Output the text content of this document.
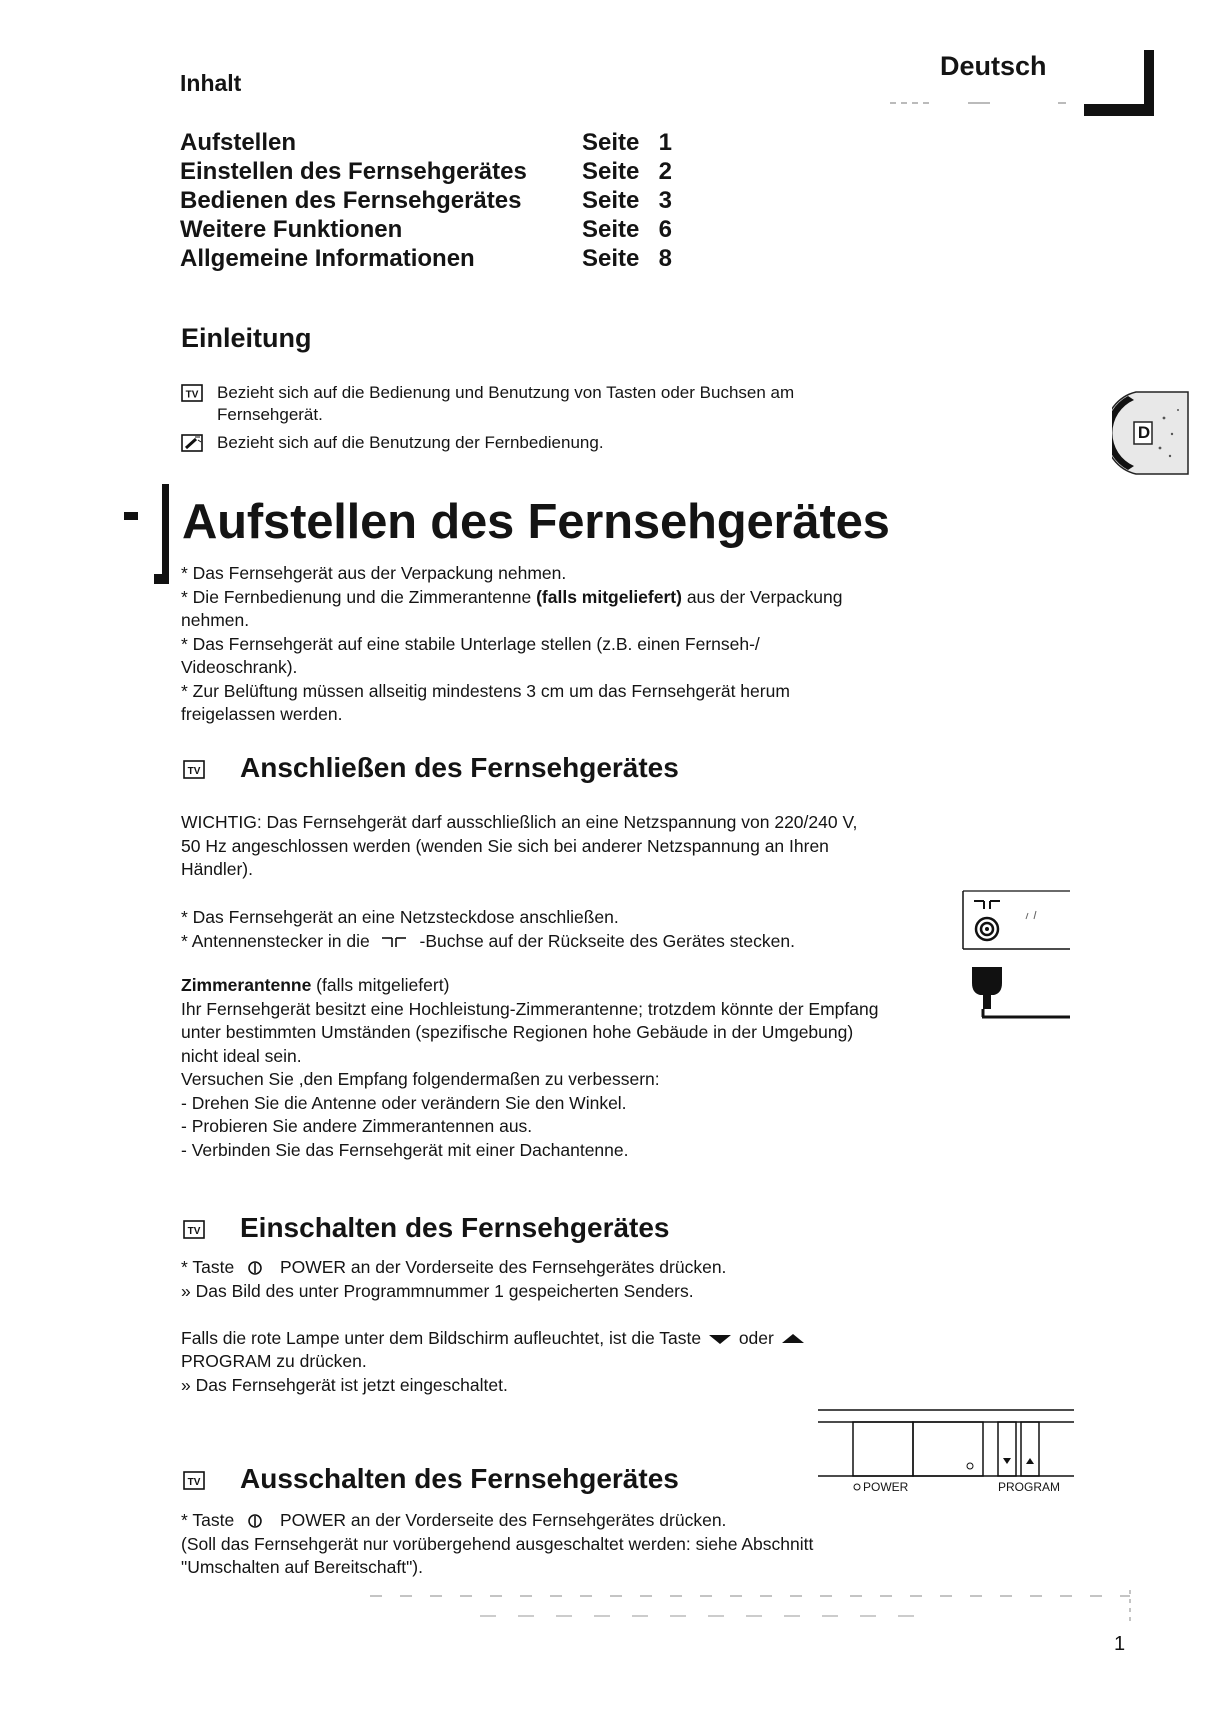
Inhalt
Deutsch
Aufstellen	Seite 1
Einstellen des Fernsehgerätes	Seite 2
Bedienen des Fernsehgerätes	Seite 3
Weitere Funktionen	Seite 6
Allgemeine Informationen	Seite 8
Einleitung
TV Bezieht sich auf die Bedienung und Benutzung von Tasten oder Buchsen am Fernsehgerät.
Bezieht sich auf die Benutzung der Fernbedienung.
D
Aufstellen des Fernsehgerätes
* Das Fernsehgerät aus der Verpackung nehmen.
* Die Fernbedienung und die Zimmerantenne (falls mitgeliefert) aus der Verpackung nehmen.
* Das Fernsehgerät auf eine stabile Unterlage stellen (z.B. einen Fernseh-/ Videoschrank).
* Zur Belüftung müssen allseitig mindestens 3 cm um das Fernsehgerät herum freigelassen werden.
TV Anschließen des Fernsehgerätes
WICHTIG: Das Fernsehgerät darf ausschließlich an eine Netzspannung von 220/240 V, 50 Hz angeschlossen werden (wenden Sie sich bei anderer Netzspannung an Ihren Händler).
* Das Fernsehgerät an eine Netzsteckdose anschließen.
* Antennenstecker in die	-Buchse auf der Rückseite des Gerätes stecken.
Zimmerantenne (falls mitgeliefert)
Ihr Fernsehgerät besitzt eine Hochleistung-Zimmerantenne; trotzdem könnte der Empfang unter bestimmten Umständen (spezifische Regionen hohe Gebäude in der Umgebung) nicht ideal sein.
Versuchen Sie ,den Empfang folgendermaßen zu verbessern:
- Drehen Sie die Antenne oder verändern Sie den Winkel.
- Probieren Sie andere Zimmerantennen aus.
- Verbinden Sie das Fernsehgerät mit einer Dachantenne.
TV Einschalten des Fernsehgerätes
* Taste	POWER an der Vorderseite des Fernsehgerätes drücken.
» Das Bild des unter Programmnummer 1 gespeicherten Senders.
Falls die rote Lampe unter dem Bildschirm aufleuchtet, ist die Taste oder
PROGRAM zu drücken.
» Das Fernsehgerät ist jetzt eingeschaltet.
POWER	PROGRAM
TV Ausschalten des Fernsehgerätes
* Taste	POWER an der Vorderseite des Fernsehgerätes drücken.
(Soll das Fernsehgerät nur vorübergehend ausgeschaltet werden: siehe Abschnitt "Umschalten auf Bereitschaft").
1
